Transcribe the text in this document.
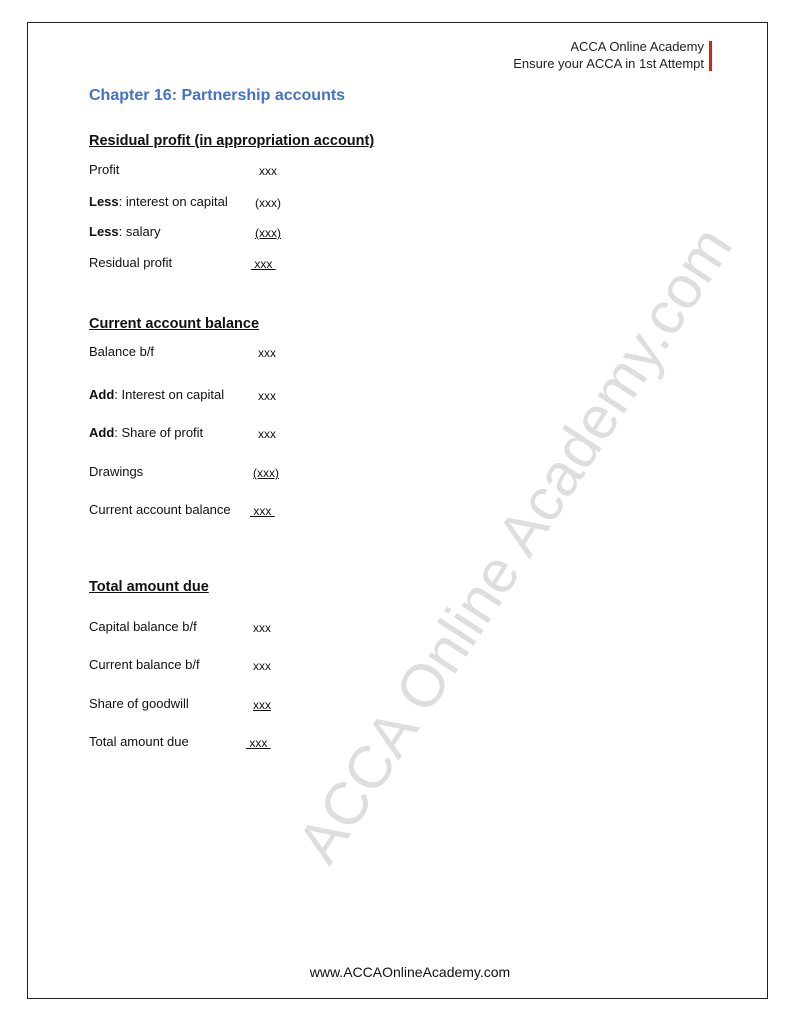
ACCA Online Academy.com
ACCA Online Academy
Ensure your ACCA in 1st Attempt
Chapter 16: Partnership accounts
Residual profit (in appropriation account)
Profit	xxx
Less: interest on capital (xxx)
Less: salary	(xxx)
Residual profit	xxx
Current account balance
Balance b/f	xxx
Add: Interest on capital	xxx
Add: Share of profit	xxx
Drawings	(xxx)
Current account balance xxx
Total amount due
Capital balance b/f	xxx
Current balance b/f	xxx
Share of goodwill	xxx
Total amount due	xxx
www.ACCAOnlineAcademy.com
